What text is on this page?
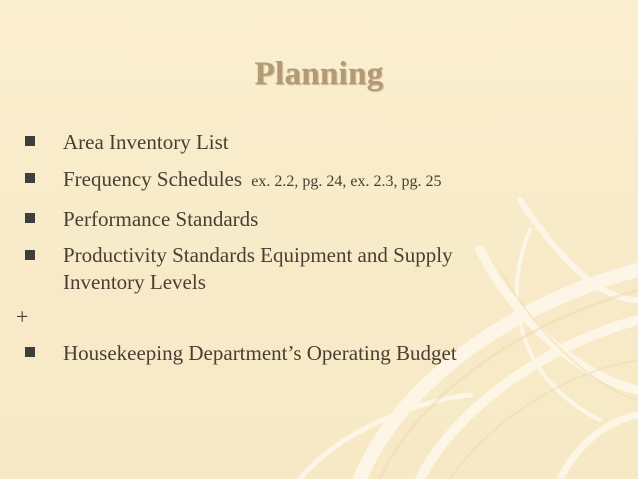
Planning
Area Inventory List
Frequency Schedules ex. 2.2, pg. 24, ex. 2.3, pg. 25
Performance Standards
Productivity Standards Equipment and Supply
Inventory Levels
+
Housekeeping Department’s Operating Budget
